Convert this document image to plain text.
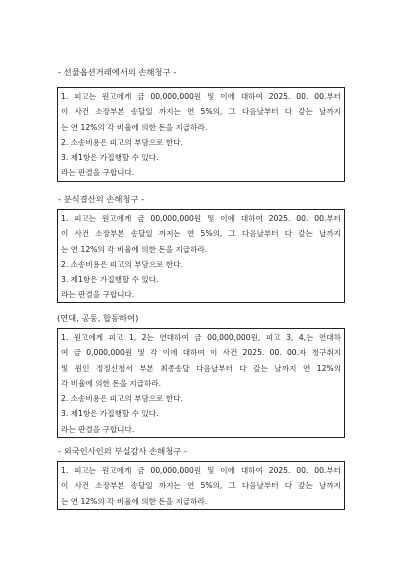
- 선물옵션거래에서의 손해청구 -
1. 피고는 원고에게 금 00,000,000원 및 이에 대하여 2025. 00. 00.부터
이 사건 소장부본 송달일 까지는 연 5%의, 그 다음날부터 다 갚는 날까지
는 연 12%의 각 비율에 의한 돈을 지급하라.
2. 소송비용은 피고의 부담으로 한다.
3. 제1항은 가집행할 수 있다.
라는 판결을 구합니다.
- 분식결산의 손해청구 -
1. 피고는 원고에게 금 00,000,000원 및 이에 대하여 2025. 00. 00.부터
이 사건 소장부본 송달일 까지는 연 5%의, 그 다음날부터 다 갚는 날까지
는 연 12%의 각 비율에 의한 돈을 지급하라.
2. 소송비용은 피고의 부담으로 한다.
3. 제1항은 가집행할 수 있다.
라는 판결을 구합니다.
(연대, 공동, 합동하여)
1. 원고에게 피고 1, 2는 연대하여 금 00,000,000원, 피고 3, 4,는 연대하
여 금 0,000,000원 및 각 이에 대하여 이 사건 2025. 00. 00.자 청구취지
및 원인 정정신청서 부본 최종송달 다음날부터 다 갚는 날까지 연 12%의
각 비율에 의한 돈을 지급하라.
2. 소송비용은 피고의 부담으로 한다.
3. 제1항은 가집행할 수 있다.
라는 판결을 구합니다.
- 외국인사인의 부실감사 손해청구 -
1. 피고는 원고에게 금 00,000,000원 및 이에 대하여 2025. 00. 00.부터
이 사건 소장부본 송달일 까지는 연 5%의, 그 다음날부터 다 갚는 날까지
는 연 12%의 각 비율에 의한 돈을 지급하라.
